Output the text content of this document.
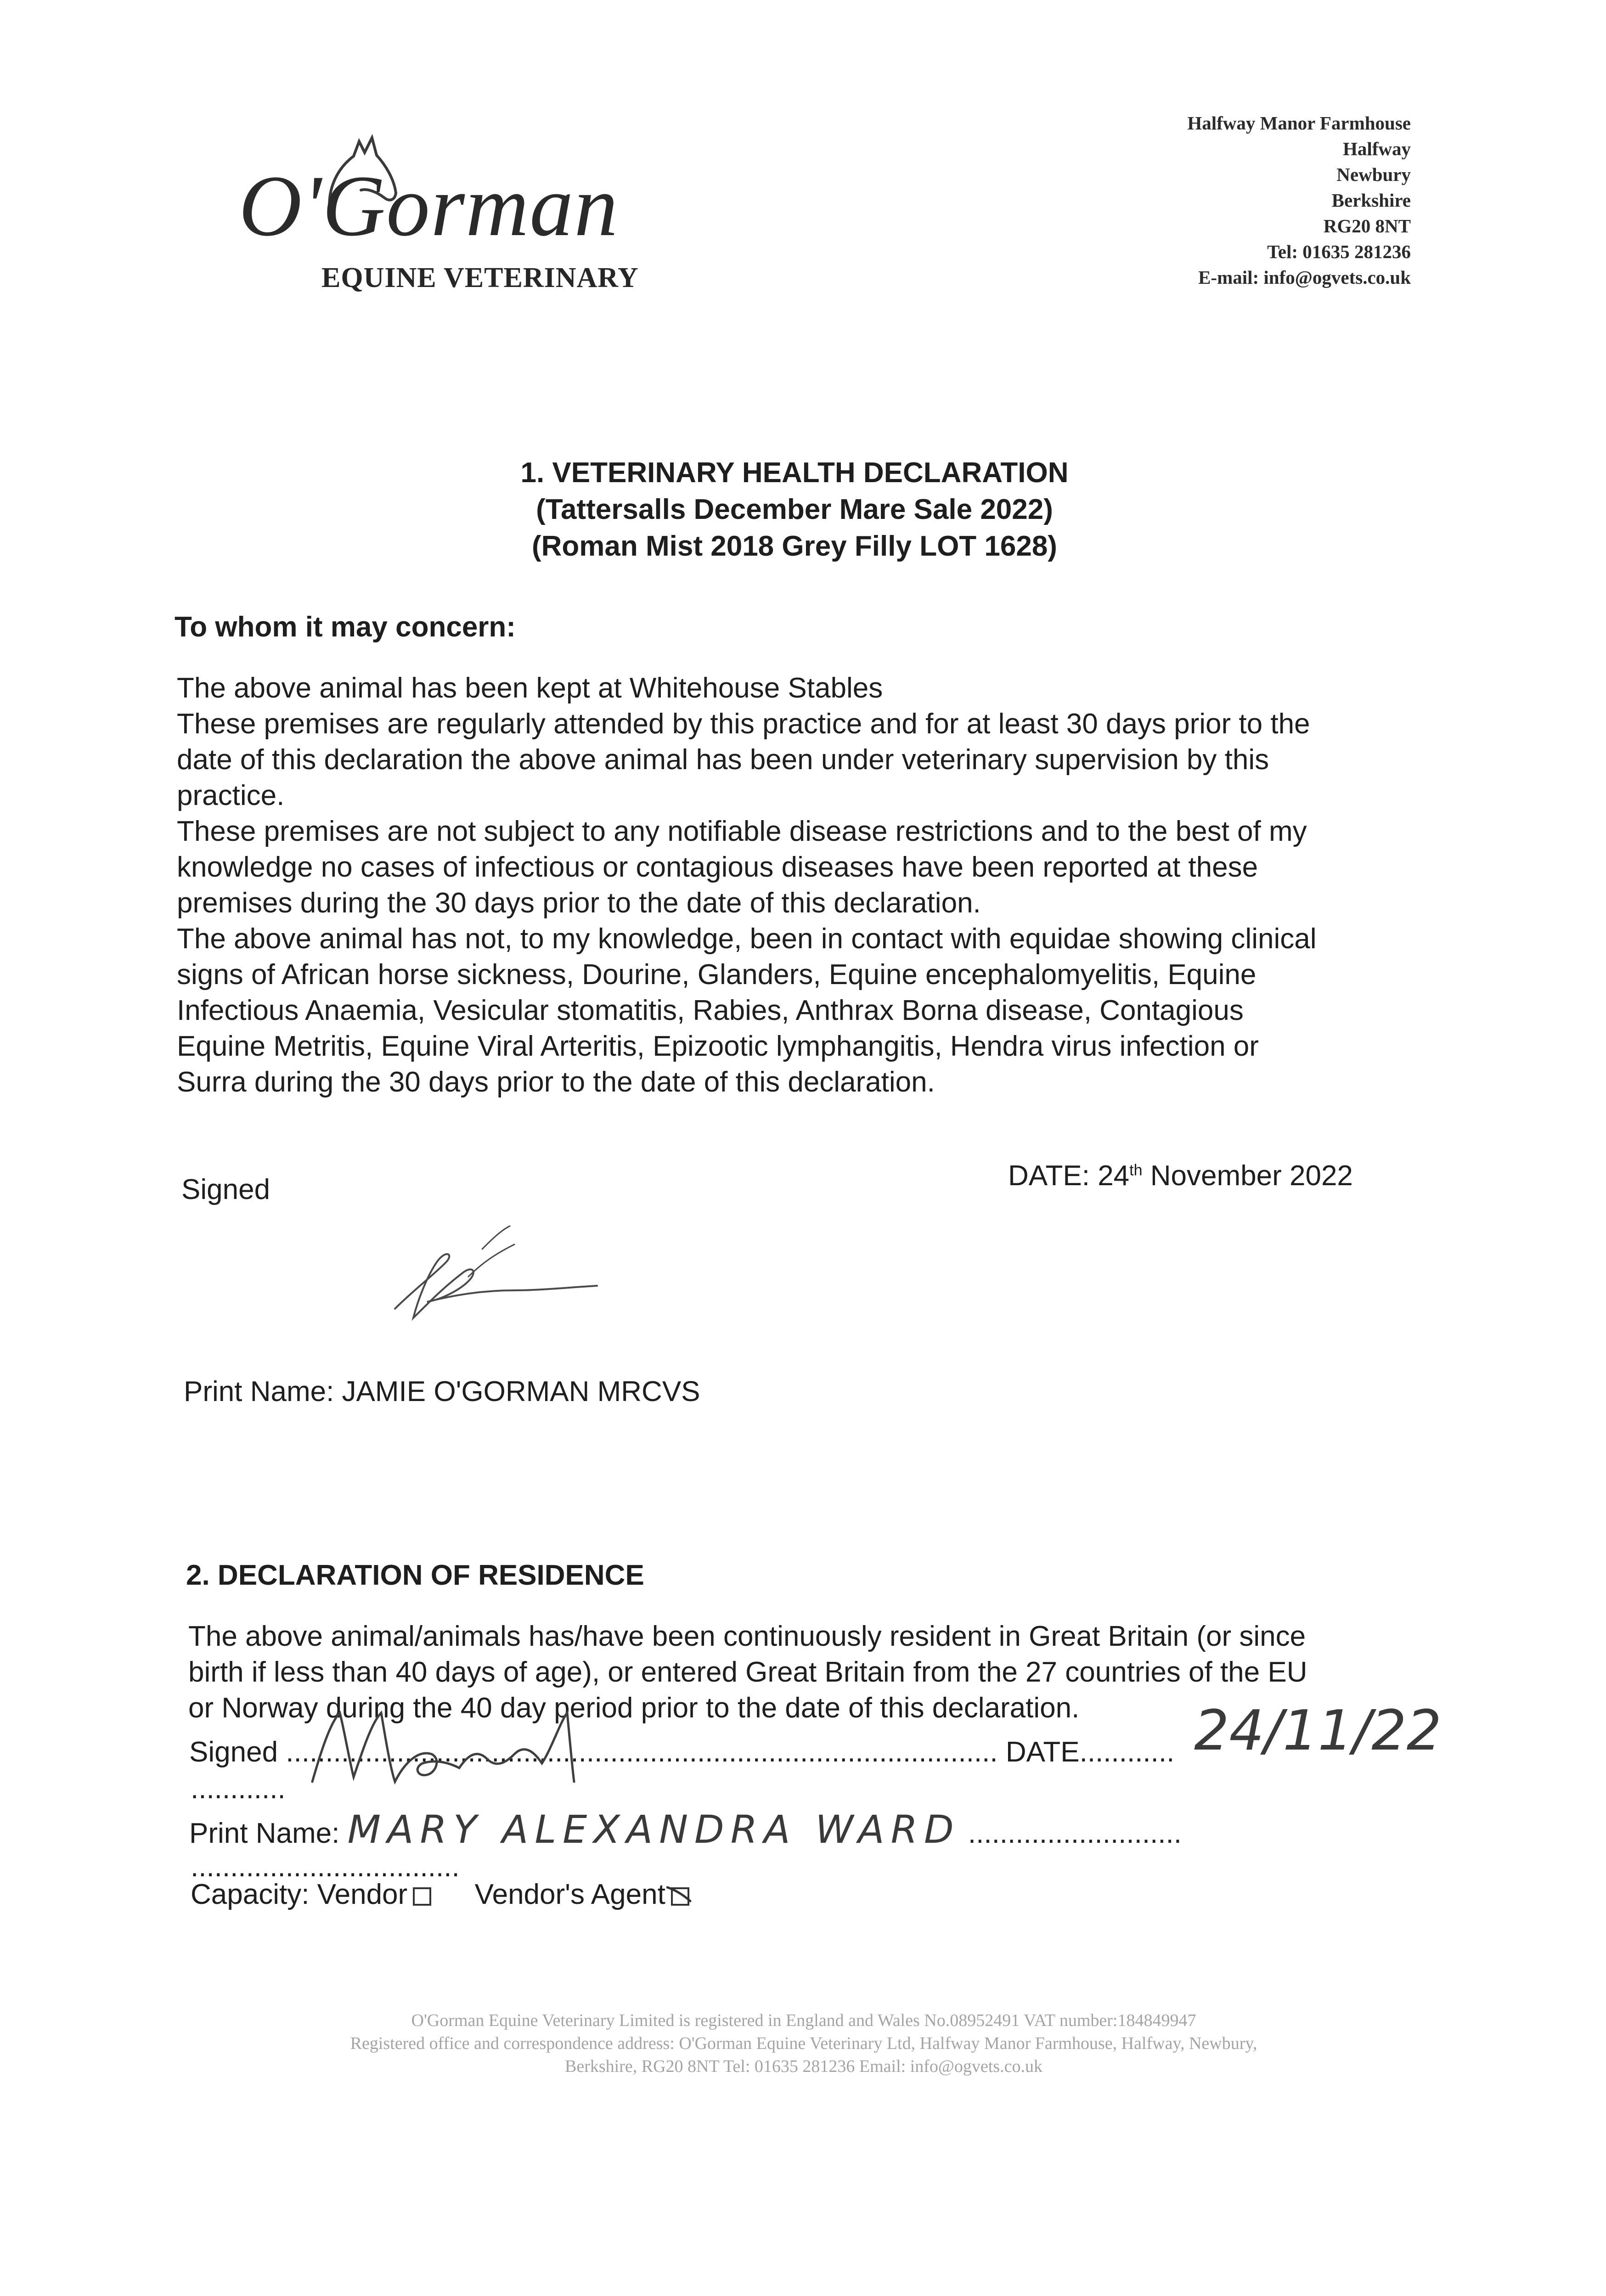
O'Gorman
EQUINE VETERINARY
Halfway Manor Farmhouse
Halfway
Newbury
Berkshire
RG20 8NT
Tel: 01635 281236
E-mail: info@ogvets.co.uk
1. VETERINARY HEALTH DECLARATION
(Tattersalls December Mare Sale 2022)
(Roman Mist 2018 Grey Filly LOT 1628)
To whom it may concern:
The above animal has been kept at Whitehouse Stables
These premises are regularly attended by this practice and for at least 30 days prior to the
date of this declaration the above animal has been under veterinary supervision by this
practice.
These premises are not subject to any notifiable disease restrictions and to the best of my
knowledge no cases of infectious or contagious diseases have been reported at these
premises during the 30 days prior to the date of this declaration.
The above animal has not, to my knowledge, been in contact with equidae showing clinical
signs of African horse sickness, Dourine, Glanders, Equine encephalomyelitis, Equine
Infectious Anaemia, Vesicular stomatitis, Rabies, Anthrax Borna disease, Contagious
Equine Metritis, Equine Viral Arteritis, Epizootic lymphangitis, Hendra virus infection or
Surra during the 30 days prior to the date of this declaration.
Signed	DATE: 24th November 2022
Print Name: JAMIE O'GORMAN MRCVS
2. DECLARATION OF RESIDENCE
The above animal/animals has/have been continuously resident in Great Britain (or since
birth if less than 40 days of age), or entered Great Britain from the 27 countries of the EU
or Norway during the 40 day period prior to the date of this declaration.
Signed .......................................................................................... DATE............ 24/11/22
............
Print Name: MARY ALEXANDRA WARD ...........................
..................................
Capacity: Vendor Vendor's Agent
O'Gorman Equine Veterinary Limited is registered in England and Wales No.08952491 VAT number:184849947
Registered office and correspondence address: O'Gorman Equine Veterinary Ltd, Halfway Manor Farmhouse, Halfway, Newbury,
Berkshire, RG20 8NT Tel: 01635 281236 Email: info@ogvets.co.uk
